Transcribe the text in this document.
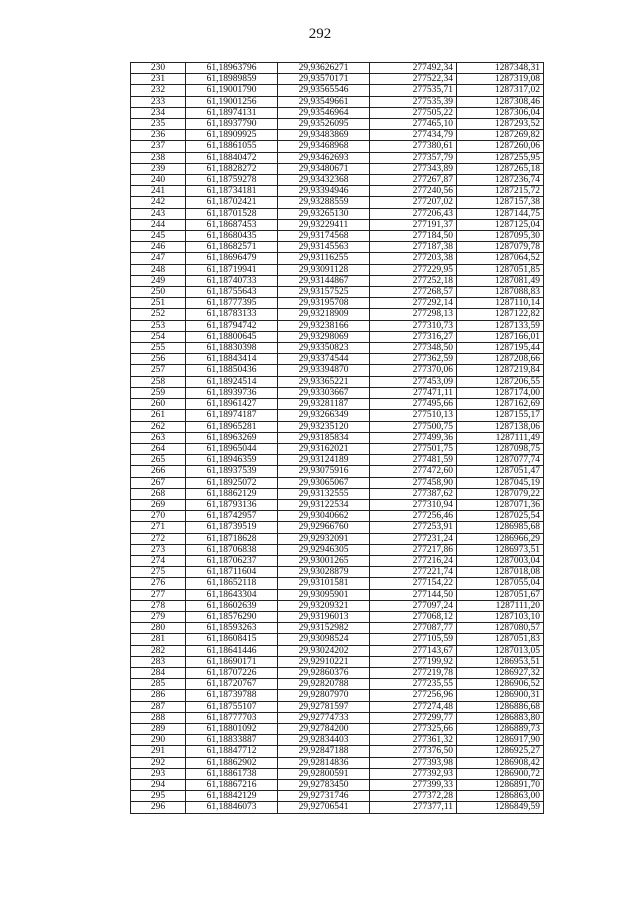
292
230	61,18963796	29,93626271	277492,34	1287348,31
231	61,18989859	29,93570171	277522,34	1287319,08
232	61,19001790	29,93565546	277535,71	1287317,02
233	61,19001256	29,93549661	277535,39	1287308,46
234	61,18974131	29,93546964	277505,22	1287306,04
235	61,18937790	29,93526095	277465,10	1287293,52
236	61,18909925	29,93483869	277434,79	1287269,82
237	61,18861055	29,93468968	277380,61	1287260,06
238	61,18840472	29,93462693	277357,79	1287255,95
239	61,18828272	29,93480671	277343,89	1287265,18
240	61,18759278	29,93432368	277267,87	1287236,74
241	61,18734181	29,93394946	277240,56	1287215,72
242	61,18702421	29,93288559	277207,02	1287157,38
243	61,18701528	29,93265130	277206,43	1287144,75
244	61,18687453	29,93229411	277191,37	1287125,04
245	61,18680435	29,93174568	277184,50	1287095,30
246	61,18682571	29,93145563	277187,38	1287079,78
247	61,18696479	29,93116255	277203,38	1287064,52
248	61,18719941	29,93091128	277229,95	1287051,85
249	61,18740733	29,93144867	277252,18	1287081,49
250	61,18755643	29,93157525	277268,57	1287088,83
251	61,18777395	29,93195708	277292,14	1287110,14
252	61,18783133	29,93218909	277298,13	1287122,82
253	61,18794742	29,93238166	277310,73	1287133,59
254	61,18800645	29,93298069	277316,27	1287166,01
255	61,18830398	29,93350823	277348,50	1287195,44
256	61,18843414	29,93374544	277362,59	1287208,66
257	61,18850436	29,93394870	277370,06	1287219,84
258	61,18924514	29,93365221	277453,09	1287206,55
259	61,18939736	29,93303667	277471,11	1287174,00
260	61,18961427	29,93281187	277495,66	1287162,69
261	61,18974187	29,93266349	277510,13	1287155,17
262	61,18965281	29,93235120	277500,75	1287138,06
263	61,18963269	29,93185834	277499,36	1287111,49
264	61,18965044	29,93162021	277501,75	1287098,75
265	61,18946359	29,93124189	277481,59	1287077,74
266	61,18937539	29,93075916	277472,60	1287051,47
267	61,18925072	29,93065067	277458,90	1287045,19
268	61,18862129	29,93132555	277387,62	1287079,22
269	61,18793136	29,93122534	277310,94	1287071,36
270	61,18742957	29,93040662	277256,46	1287025,54
271	61,18739519	29,92966760	277253,91	1286985,68
272	61,18718628	29,92932091	277231,24	1286966,29
273	61,18706838	29,92946305	277217,86	1286973,51
274	61,18706237	29,93001265	277216,24	1287003,04
275	61,18711604	29,93028879	277221,74	1287018,08
276	61,18652118	29,93101581	277154,22	1287055,04
277	61,18643304	29,93095901	277144,50	1287051,67
278	61,18602639	29,93209321	277097,24	1287111,20
279	61,18576290	29,93196013	277068,12	1287103,10
280	61,18593263	29,93152982	277087,77	1287080,57
281	61,18608415	29,93098524	277105,59	1287051,83
282	61,18641446	29,93024202	277143,67	1287013,05
283	61,18690171	29,92910221	277199,92	1286953,51
284	61,18707226	29,92860376	277219,78	1286927,32
285	61,18720767	29,92820788	277235,55	1286906,52
286	61,18739788	29,92807970	277256,96	1286900,31
287	61,18755107	29,92781597	277274,48	1286886,68
288	61,18777703	29,92774733	277299,77	1286883,80
289	61,18801092	29,92784200	277325,66	1286889,73
290	61,18833887	29,92834403	277361,32	1286917,90
291	61,18847712	29,92847188	277376,50	1286925,27
292	61,18862902	29,92814836	277393,98	1286908,42
293	61,18861738	29,92800591	277392,93	1286900,72
294	61,18867216	29,92783450	277399,33	1286891,70
295	61,18842129	29,92731746	277372,28	1286863,00
296	61,18846073	29,92706541	277377,11	1286849,59
